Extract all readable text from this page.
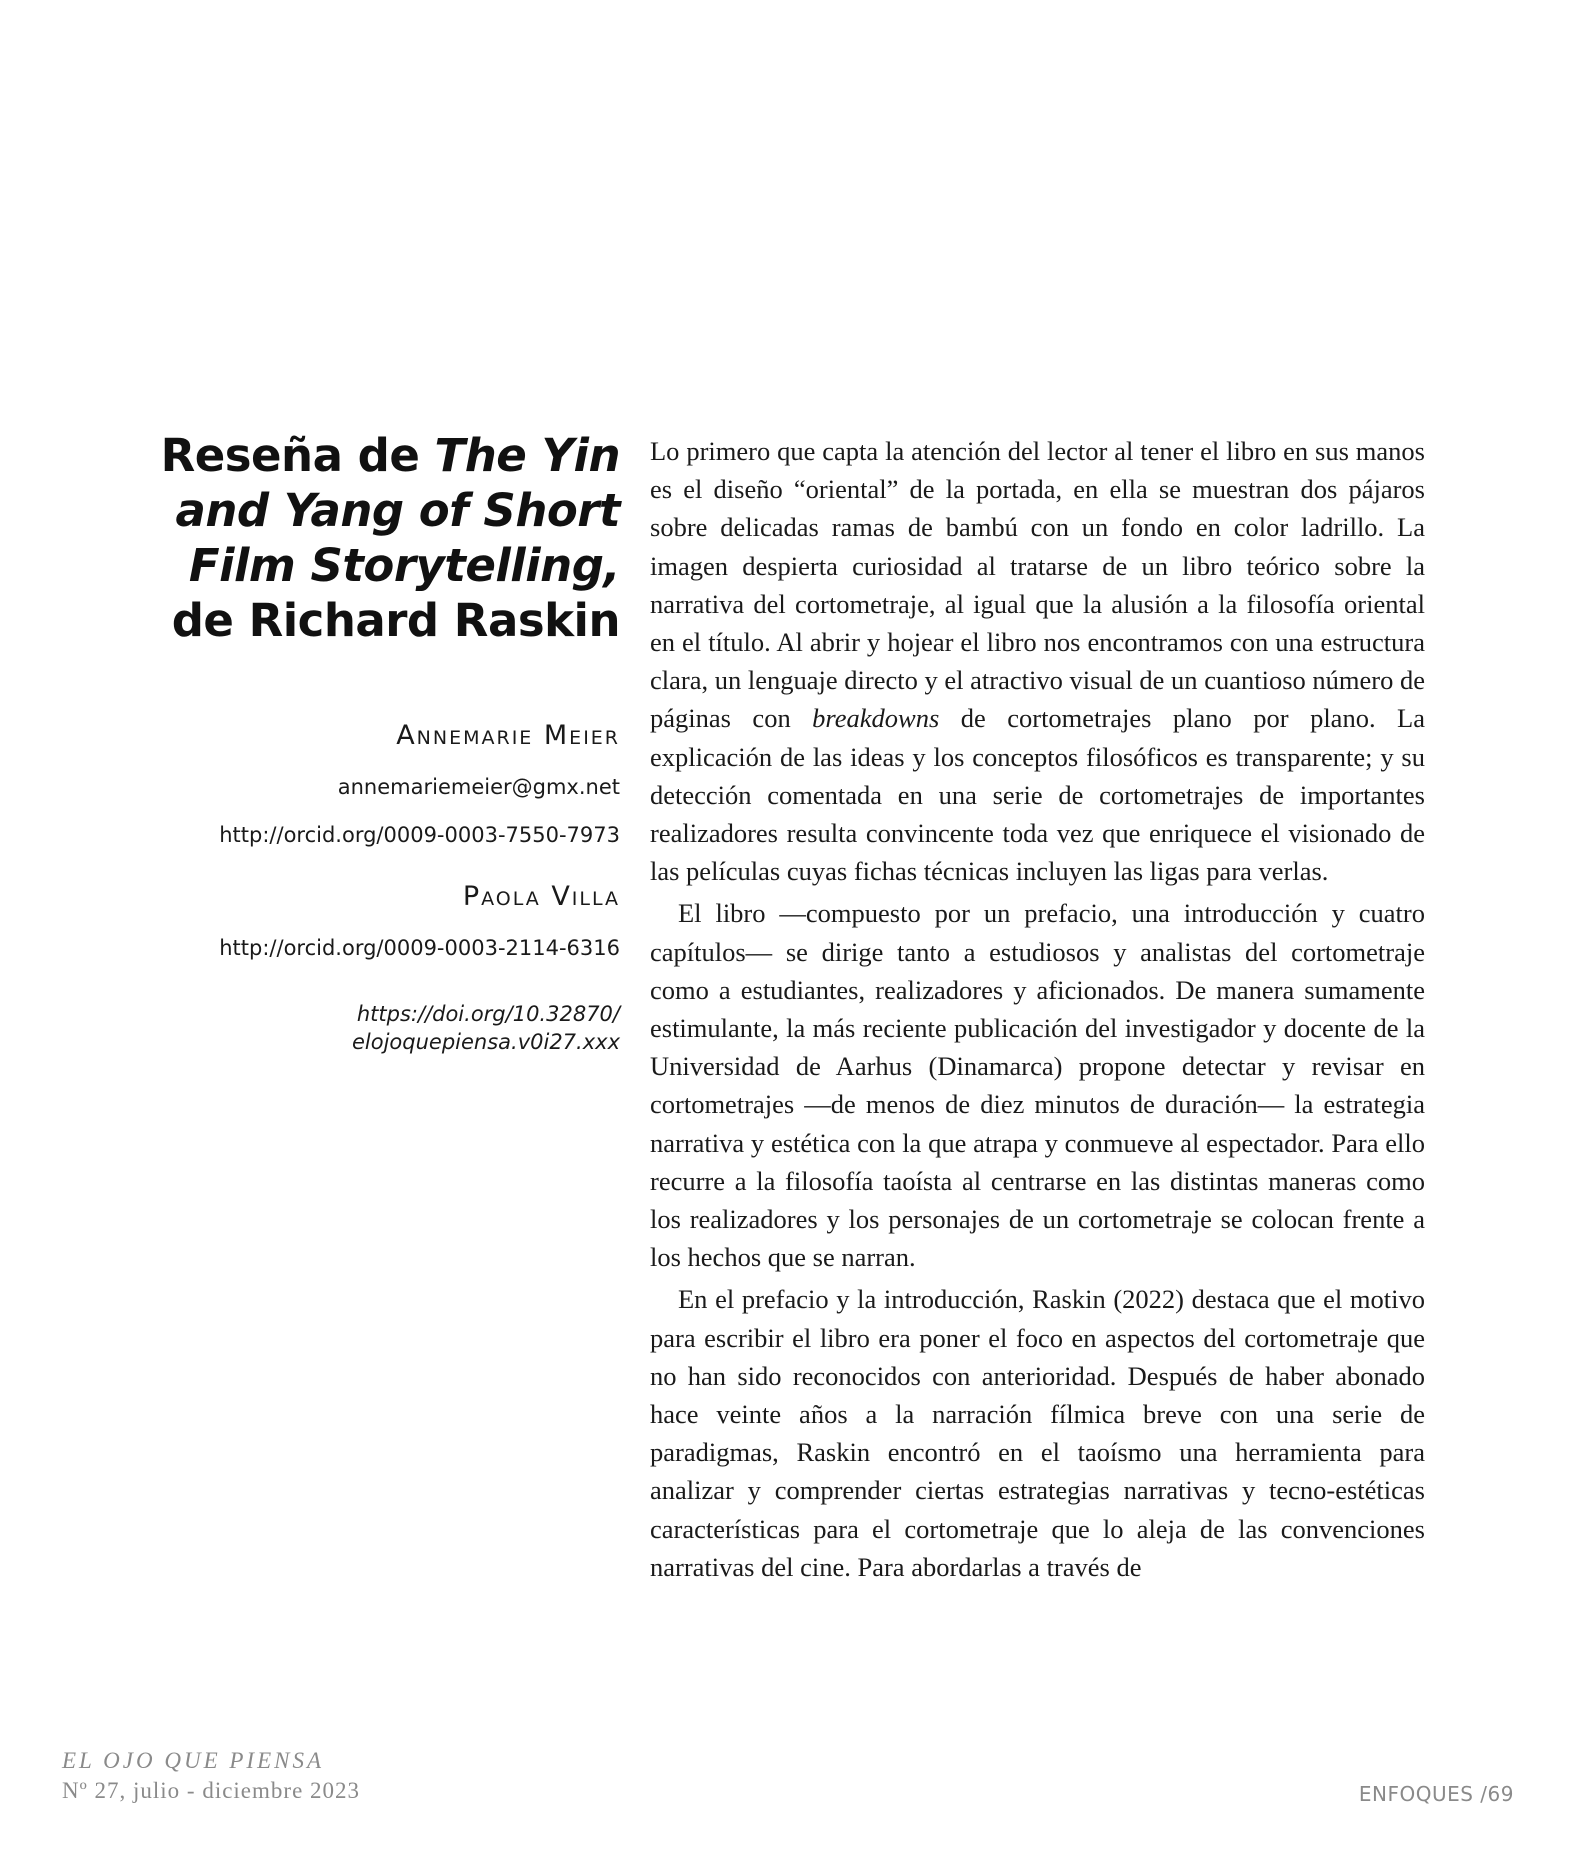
Reseña de The Yin
and Yang of Short
Film Storytelling,
de Richard Raskin
Annemarie Meier
annemariemeier@gmx.net
http://orcid.org/0009-0003-7550-7973
Paola Villa
http://orcid.org/0009-0003-2114-6316
https://doi.org/10.32870/
elojoquepiensa.v0i27.xxx

Lo primero que capta la atención del lector al tener el libro en sus manos es el diseño “oriental” de la portada, en ella se muestran dos pájaros sobre delicadas ramas de bambú con un fondo en color ladrillo. La imagen despierta curiosidad al tratarse de un libro teórico sobre la narrativa del cortometraje, al igual que la alusión a la filosofía oriental en el título. Al abrir y hojear el libro nos encontramos con una estructura clara, un lenguaje directo y el atractivo visual de un cuantioso número de páginas con breakdowns de cortometrajes plano por plano. La explicación de las ideas y los conceptos filosóficos es transparente; y su detección comentada en una serie de cortometrajes de importantes realizadores resulta convincente toda vez que enriquece el visionado de las películas cuyas fichas técnicas incluyen las ligas para verlas.

El libro —compuesto por un prefacio, una introducción y cuatro capítulos— se dirige tanto a estudiosos y analistas del cortometraje como a estudiantes, realizadores y aficionados. De manera sumamente estimulante, la más reciente publicación del investigador y docente de la Universidad de Aarhus (Dinamarca) propone detectar y revisar en cortometrajes —de menos de diez minutos de duración— la estrategia narrativa y estética con la que atrapa y conmueve al espectador. Para ello recurre a la filosofía taoísta al centrarse en las distintas maneras como los realizadores y los personajes de un cortometraje se colocan frente a los hechos que se narran.

En el prefacio y la introducción, Raskin (2022) destaca que el motivo para escribir el libro era poner el foco en aspectos del cortometraje que no han sido reconocidos con anterioridad. Después de haber abonado hace veinte años a la narración fílmica breve con una serie de paradigmas, Raskin encontró en el taoísmo una herramienta para analizar y comprender ciertas estrategias narrativas y tecno-estéticas características para el cortometraje que lo aleja de las convenciones narrativas del cine. Para abordarlas a través de

EL OJO QUE PIENSA
Nº 27, julio - diciembre 2023	ENFOQUES /69
